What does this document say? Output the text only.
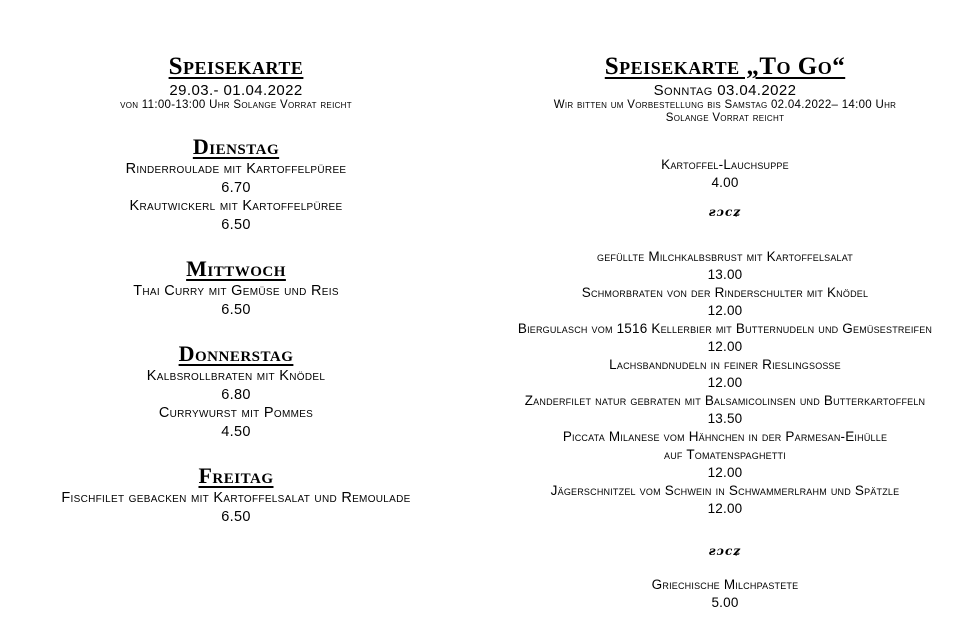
Speisekarte
29.03.- 01.04.2022
von 11:00-13:00 Uhr Solange Vorrat reicht
Dienstag
Rinderroulade mit Kartoffelpüree
6.70
Krautwickerl mit Kartoffelpüree
6.50
Mittwoch
Thai Curry mit Gemüse und Reis
6.50
Donnerstag
Kalbsrollbraten mit Knödel
6.80
Currywurst mit Pommes
4.50
Freitag
Fischfilet gebacken mit Kartoffelsalat und Remoulade
6.50
Speisekarte „To Go“
Sonntag 03.04.2022
Wir bitten um Vorbestellung bis Samstag 02.04.2022– 14:00 Uhr
Solange Vorrat reicht
Kartoffel-Lauchsuppe
4.00
ƨɔcʑ
gefüllte Milchkalbsbrust mit Kartoffelsalat
13.00
Schmorbraten von der Rinderschulter mit Knödel
12.00
Biergulasch vom 1516 Kellerbier mit Butternudeln und Gemüsestreifen
12.00
Lachsbandnudeln in feiner Rieslingsoße
12.00
Zanderfilet natur gebraten mit Balsamicolinsen und Butterkartoffeln
13.50
Piccata Milanese vom Hähnchen in der Parmesan-Eihülle
auf Tomatenspaghetti
12.00
Jägerschnitzel vom Schwein in Schwammerlrahm und Spätzle
12.00
ƨɔcʑ
Griechische Milchpastete
5.00
